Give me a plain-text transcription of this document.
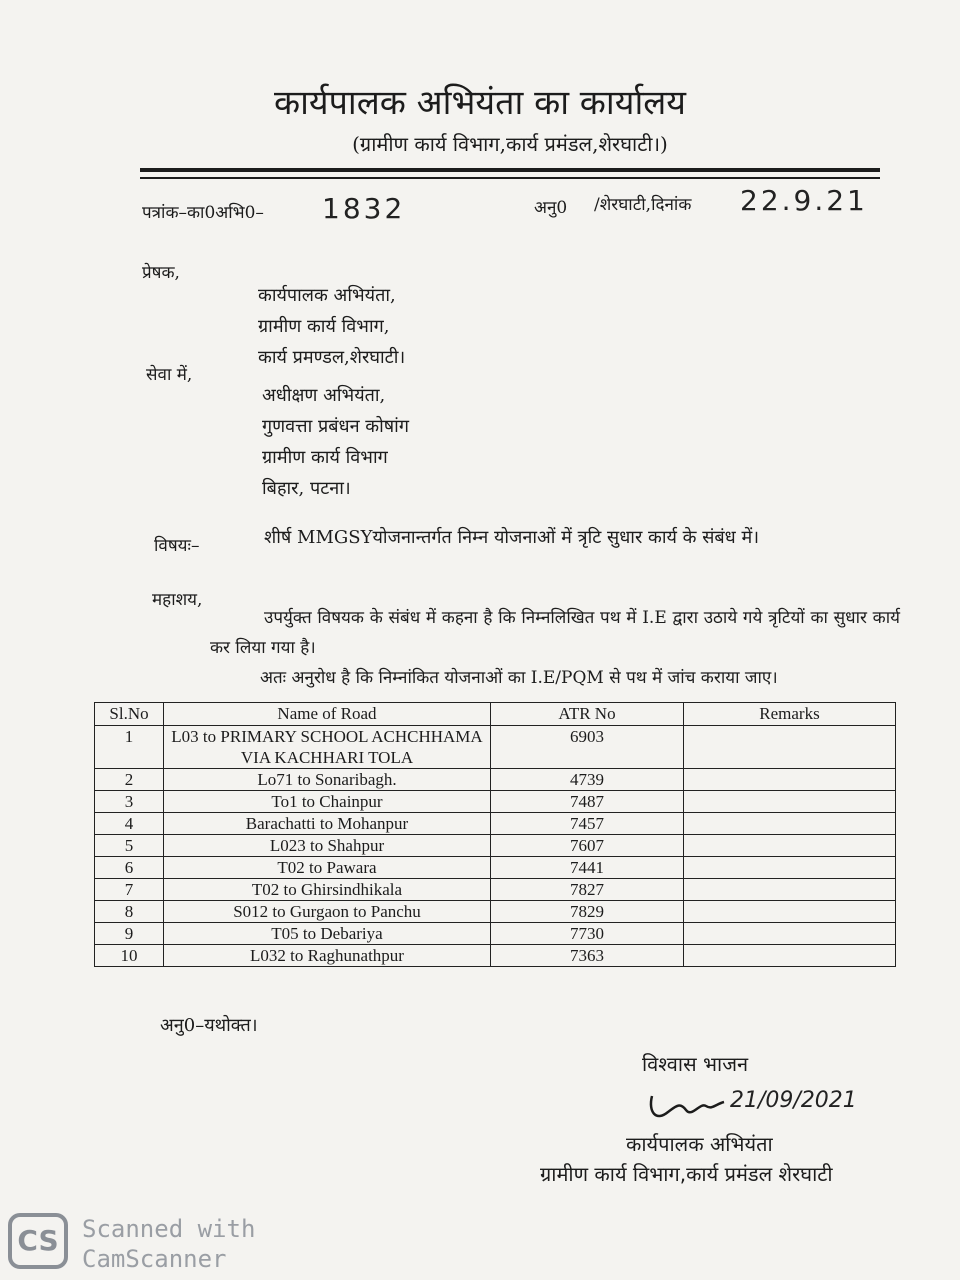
कार्यपालक अभियंता का कार्यालय
(ग्रामीण कार्य विभाग,कार्य प्रमंडल,शेरघाटी।)
पत्रांक–का0अभि0– 1832	अनु0 /शेरघाटी,दिनांक 22.9.21
प्रेषक,
कार्यपालक अभियंता,
ग्रामीण कार्य विभाग,
कार्य प्रमण्डल,शेरघाटी।
सेवा में,
अधीक्षण अभियंता,
गुणवत्ता प्रबंधन कोषांग
ग्रामीण कार्य विभाग
बिहार, पटना।
विषयः–	शीर्ष MMGSYयोजनान्तर्गत निम्न योजनाओं में त्रृटि सुधार कार्य के संबंध में।
महाशय,
उपर्युक्त विषयक के संबंध में कहना है कि निम्नलिखित पथ में I.E द्वारा उठाये गये त्रृटियों का सुधार कार्य कर लिया गया है।
अतः अनुरोध है कि निम्नांकित योजनाओं का I.E/PQM से पथ में जांच कराया जाए।
Sl.No	Name of Road	ATR No	Remarks
1	L03 to PRIMARY SCHOOL ACHCHHAMA VIA KACHHARI TOLA	6903	
2	Lo71 to Sonaribagh.	4739	
3	To1 to Chainpur	7487	
4	Barachatti to Mohanpur	7457	
5	L023 to Shahpur	7607	
6	T02 to Pawara	7441	
7	T02 to Ghirsindhikala	7827	
8	S012 to Gurgaon to Panchu	7829	
9	T05 to Debariya	7730	
10	L032 to Raghunathpur	7363	
अनु0–यथोक्त।
विश्वास भाजन
21/09/2021
कार्यपालक अभियंता
ग्रामीण कार्य विभाग,कार्य प्रमंडल शेरघाटी
CS Scanned with
CamScanner
